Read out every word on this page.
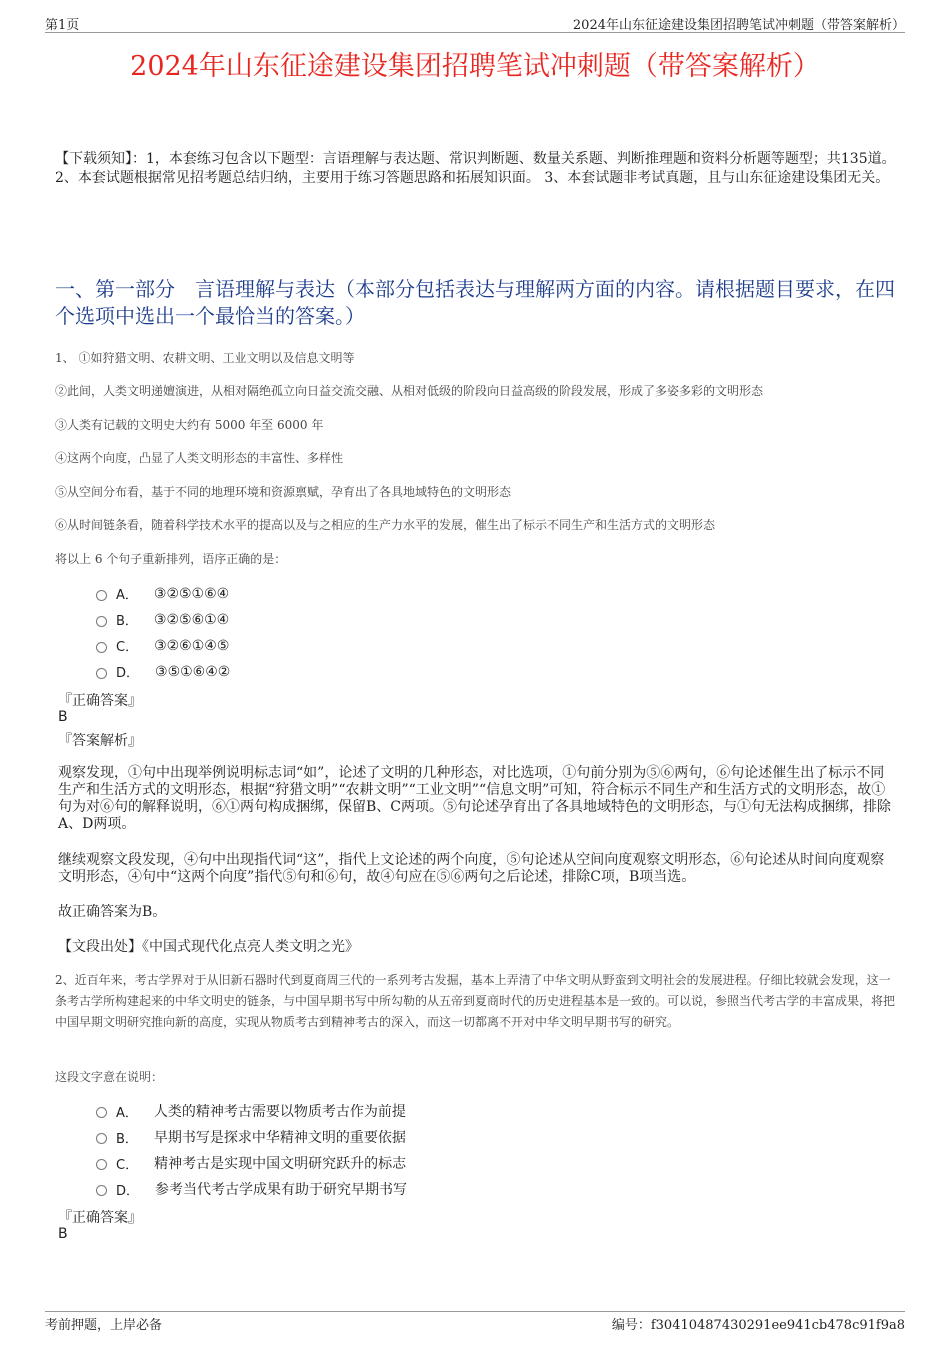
第1页	2024年山东征途建设集团招聘笔试冲刺题（带答案解析）
2024年山东征途建设集团招聘笔试冲刺题（带答案解析）
【下载须知】：1，本套练习包含以下题型：言语理解与表达题、常识判断题、数量关系题、判断推理题和资料分析题等题型；共135道。 2、本套试题根据常见招考题总结归纳，主要用于练习答题思路和拓展知识面。 3、本套试题非考试真题，且与山东征途建设集团无关。
一、第一部分　言语理解与表达（本部分包括表达与理解两方面的内容。请根据题目要求，在四个选项中选出一个最恰当的答案。）
1、 ①如狩猎文明、农耕文明、工业文明以及信息文明等
②此间，人类文明递嬗演进，从相对隔绝孤立向日益交流交融、从相对低级的阶段向日益高级的阶段发展，形成了多姿多彩的文明形态
③人类有记载的文明史大约有 5000 年至 6000 年
④这两个向度，凸显了人类文明形态的丰富性、多样性
⑤从空间分布看，基于不同的地理环境和资源禀赋，孕育出了各具地域特色的文明形态
⑥从时间链条看，随着科学技术水平的提高以及与之相应的生产力水平的发展，催生出了标示不同生产和生活方式的文明形态
将以上 6 个句子重新排列，语序正确的是：
A． ③②⑤①⑥④
B． ③②⑤⑥①④
C． ③②⑥①④⑤
D． ③⑤①⑥④②
『正确答案』
B
『答案解析』
观察发现，①句中出现举例说明标志词“如”，论述了文明的几种形态，对比选项，①句前分别为⑤⑥两句，⑥句论述催生出了标示不同生产和生活方式的文明形态，根据“狩猎文明”“农耕文明”“工业文明”“信息文明”可知，符合标示不同生产和生活方式的文明形态，故①句为对⑥句的解释说明，⑥①两句构成捆绑，保留B、C两项。⑤句论述孕育出了各具地域特色的文明形态，与①句无法构成捆绑，排除A、D两项。
继续观察文段发现，④句中出现指代词“这”，指代上文论述的两个向度，⑤句论述从空间向度观察文明形态，⑥句论述从时间向度观察文明形态，④句中“这两个向度”指代⑤句和⑥句，故④句应在⑤⑥两句之后论述，排除C项，B项当选。
故正确答案为B。
【文段出处】《中国式现代化点亮人类文明之光》
2、近百年来，考古学界对于从旧新石器时代到夏商周三代的一系列考古发掘，基本上弄清了中华文明从野蛮到文明社会的发展进程。仔细比较就会发现，这一条考古学所构建起来的中华文明史的链条，与中国早期书写中所勾勒的从五帝到夏商时代的历史进程基本是一致的。可以说，参照当代考古学的丰富成果，将把中国早期文明研究推向新的高度，实现从物质考古到精神考古的深入，而这一切都离不开对中华文明早期书写的研究。
这段文字意在说明：
A． 人类的精神考古需要以物质考古作为前提
B． 早期书写是探求中华精神文明的重要依据
C． 精神考古是实现中国文明研究跃升的标志
D． 参考当代考古学成果有助于研究早期书写
『正确答案』
B
考前押题，上岸必备	编号：f30410487430291ee941cb478c91f9a8
